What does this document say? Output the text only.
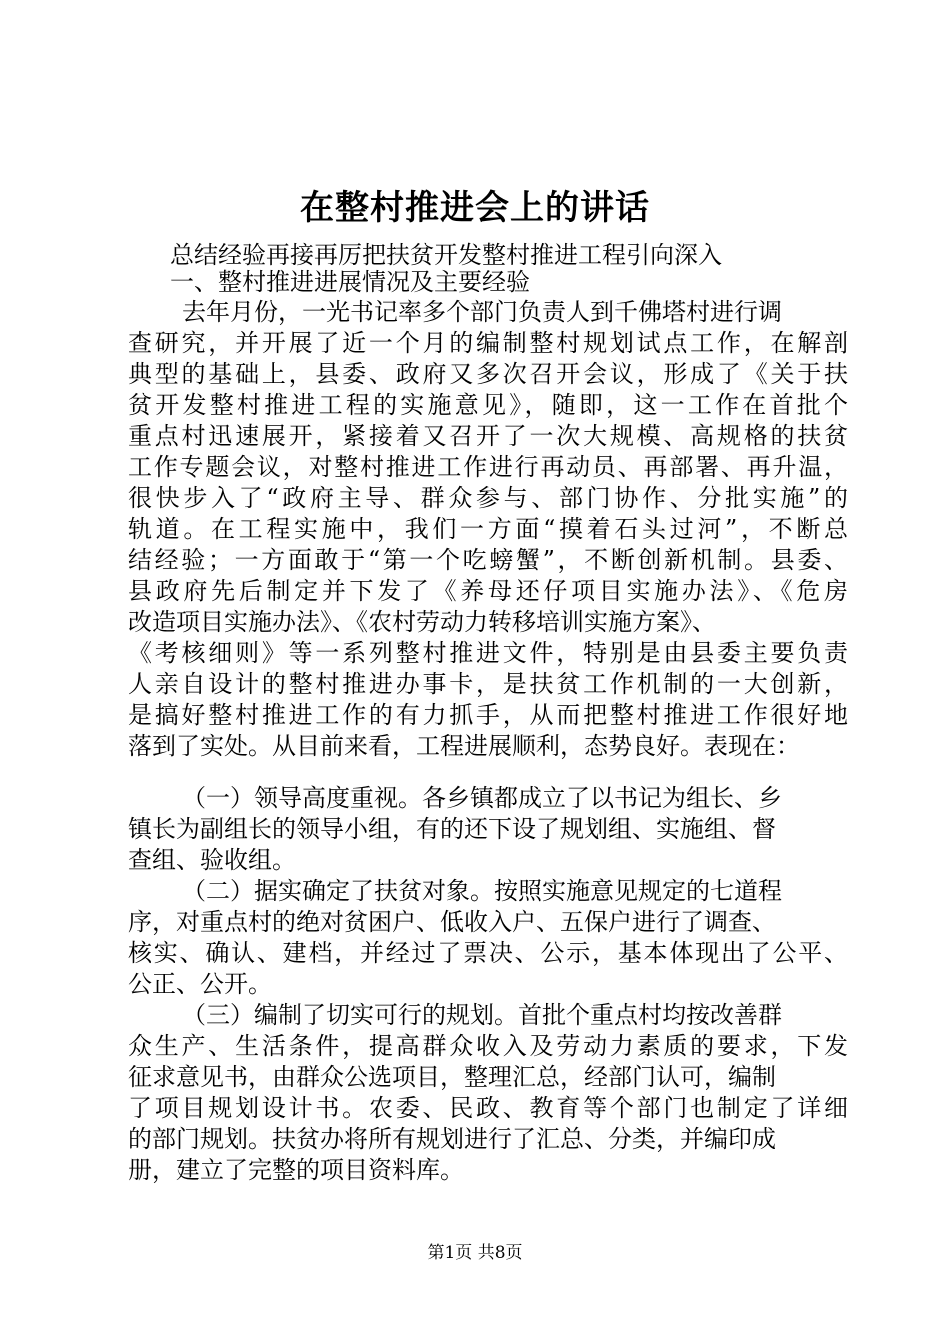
在整村推进会上的讲话
总结经验再接再厉把扶贫开发整村推进工程引向深入
一、整村推进进展情况及主要经验
去年月份，一光书记率多个部门负责人到千佛塔村进行调
查研究，并开展了近一个月的编制整村规划试点工作，在解剖
典型的基础上，县委、政府又多次召开会议，形成了《关于扶
贫开发整村推进工程的实施意见》，随即，这一工作在首批个
重点村迅速展开，紧接着又召开了一次大规模、高规格的扶贫
工作专题会议，对整村推进工作进行再动员、再部署、再升温，
很快步入了“政府主导、群众参与、部门协作、分批实施”的
轨道。在工程实施中，我们一方面“摸着石头过河”，不断总
结经验；一方面敢于“第一个吃螃蟹”，不断创新机制。县委、
县政府先后制定并下发了《养母还仔项目实施办法》、《危房
改造项目实施办法》、《农村劳动力转移培训实施方案》、
《考核细则》等一系列整村推进文件，特别是由县委主要负责
人亲自设计的整村推进办事卡，是扶贫工作机制的一大创新，
是搞好整村推进工作的有力抓手，从而把整村推进工作很好地
落到了实处。从目前来看，工程进展顺利，态势良好。表现在：
（一）领导高度重视。各乡镇都成立了以书记为组长、乡
镇长为副组长的领导小组，有的还下设了规划组、实施组、督
查组、验收组。
（二）据实确定了扶贫对象。按照实施意见规定的七道程
序，对重点村的绝对贫困户、低收入户、五保户进行了调查、
核实、确认、建档，并经过了票决、公示，基本体现出了公平、
公正、公开。
（三）编制了切实可行的规划。首批个重点村均按改善群
众生产、生活条件，提高群众收入及劳动力素质的要求，下发
征求意见书，由群众公选项目，整理汇总，经部门认可，编制
了项目规划设计书。农委、民政、教育等个部门也制定了详细
的部门规划。扶贫办将所有规划进行了汇总、分类，并编印成
册，建立了完整的项目资料库。
第1页 共8页
